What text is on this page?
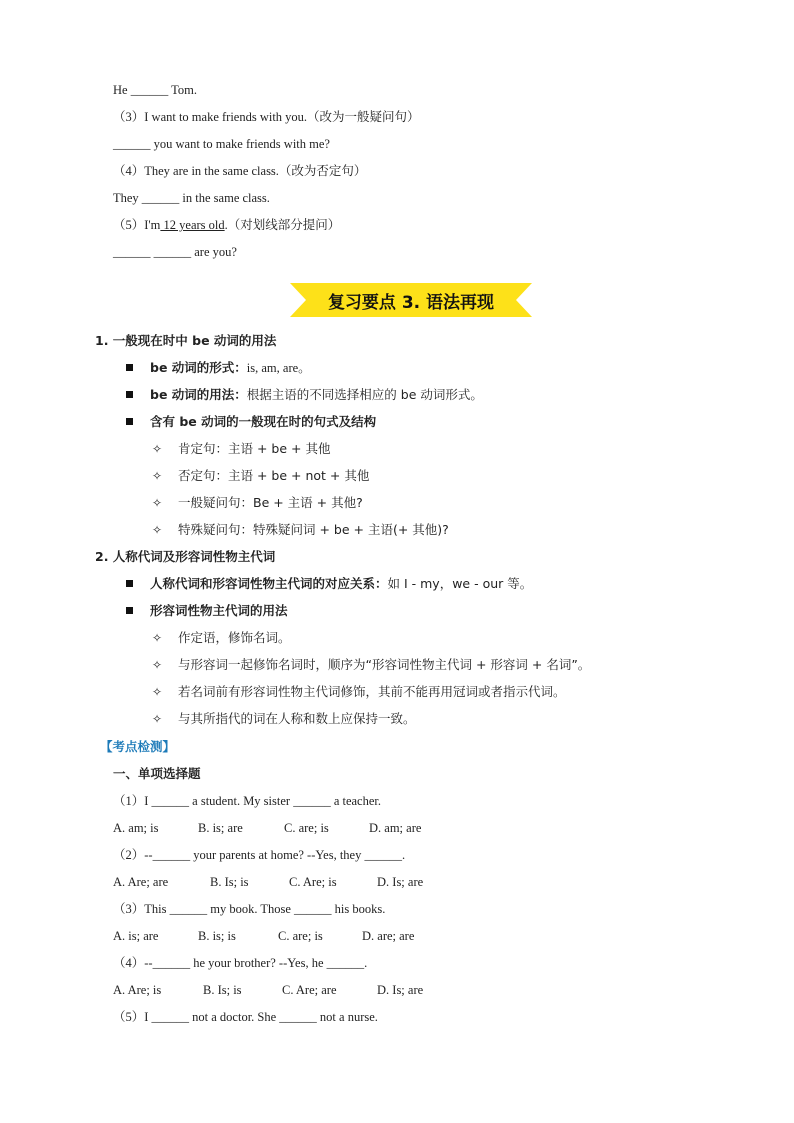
He ______ Tom.
（3）I want to make friends with you.（改为一般疑问句）
______ you want to make friends with me?
（4）They are in the same class.（改为否定句）
They ______ in the same class.
（5）I'm 12 years old.（对划线部分提问）
______ ______ are you?
复习要点 3. 语法再现
1. 一般现在时中 be 动词的用法
be 动词的形式：is, am, are。
be 动词的用法：根据主语的不同选择相应的 be 动词形式。
含有 be 动词的一般现在时的句式及结构
✧ 肯定句：主语 + be + 其他
✧ 否定句：主语 + be + not + 其他
✧ 一般疑问句：Be + 主语 + 其他?
✧ 特殊疑问句：特殊疑问词 + be + 主语(+ 其他)?
2. 人称代词及形容词性物主代词
人称代词和形容词性物主代词的对应关系：如 I - my，we - our 等。
形容词性物主代词的用法
✧ 作定语，修饰名词。
✧ 与形容词一起修饰名词时，顺序为“形容词性物主代词 + 形容词 + 名词”。
✧ 若名词前有形容词性物主代词修饰，其前不能再用冠词或者指示代词。
✧ 与其所指代的词在人称和数上应保持一致。
【考点检测】
一、单项选择题
（1）I ______ a student. My sister ______ a teacher.
A. am; is	B. is; are	C. are; is	D. am; are
（2）--______ your parents at home? --Yes, they ______.
A. Are; are	B. Is; is	C. Are; is	D. Is; are
（3）This ______ my book. Those ______ his books.
A. is; are	B. is; is	C. are; is	D. are; are
（4）--______ he your brother? --Yes, he ______.
A. Are; is	B. Is; is	C. Are; are	D. Is; are
（5）I ______ not a doctor. She ______ not a nurse.
